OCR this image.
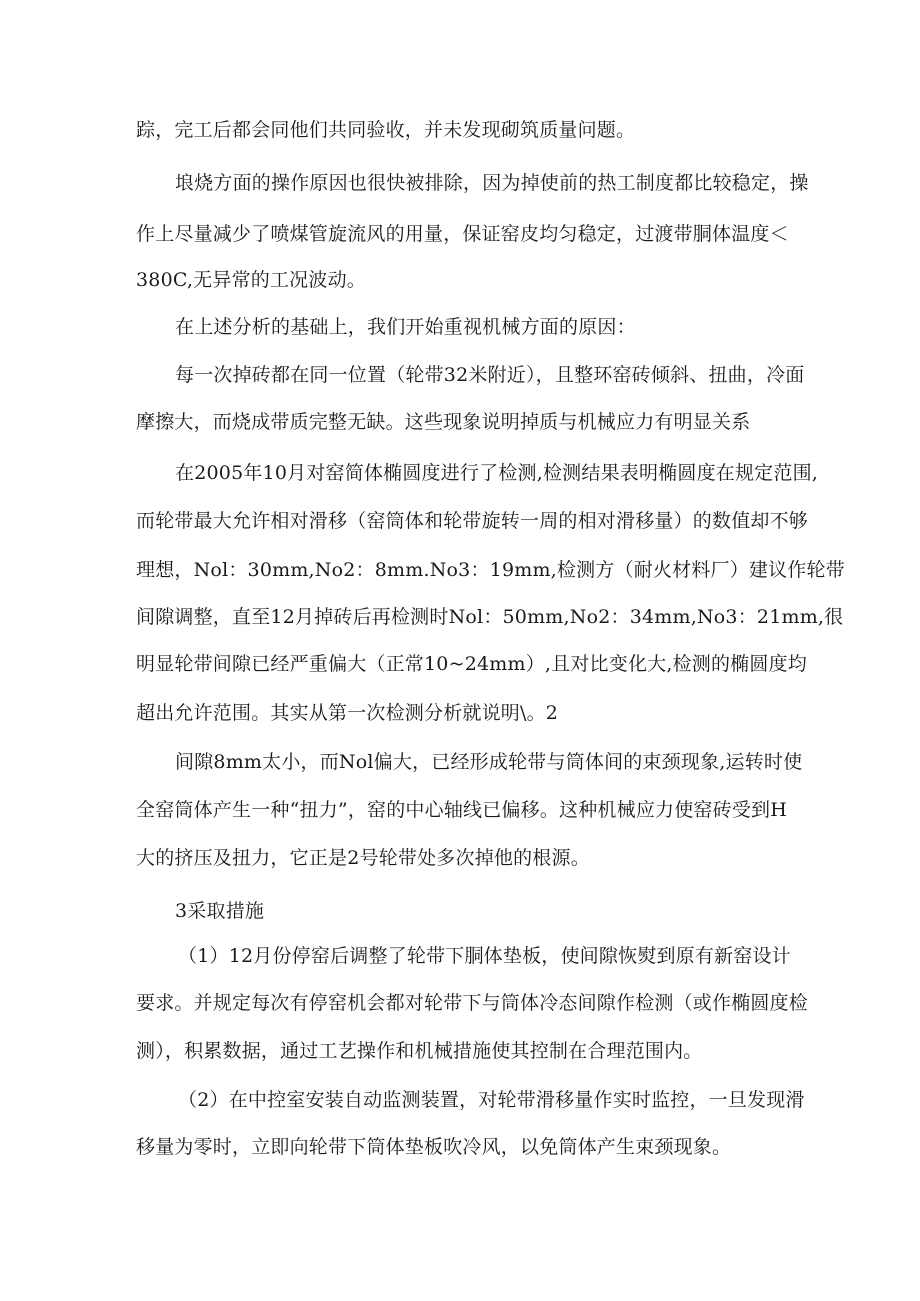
踪，完工后都会同他们共同验收，并未发现砌筑质量问题。
埌烧方面的操作原因也很快被排除，因为掉使前的热工制度都比较稳定，操
作上尽量减少了喷煤管旋流风的用量，保证窑皮均匀稳定，过渡带胴体温度＜
380C,无异常的工况波动。
在上述分析的基础上，我们开始重视机械方面的原因：
每一次掉砖都在同一位置（轮带32米附近），且整环窑砖倾斜、扭曲，冷面
摩擦大，而烧成带质完整无缺。这些现象说明掉质与机械应力有明显关系
在2005年10月对窑简体椭圆度进行了检测,检测结果表明椭圆度在规定范围,
而轮带最大允许相对滑移（窑筒体和轮带旋转一周的相对滑移量）的数值却不够
理想，Nol：30mm,No2：8mm.No3：19mm,检测方（耐火材料厂）建议作轮带
间隙调整，直至12月掉砖后再检测时Nol：50mm,No2：34mm,No3：21mm,很
明显轮带间隙已经严重偏大（正常10~24mm）,且对比变化大,检测的椭圆度均
超出允许范围。其实从第一次检测分析就说明\。2
间隙8mm太小，而Nol偏大，已经形成轮带与筒体间的束颈现象,运转时使
全窑筒体产生一种“扭力”，窑的中心轴线已偏移。这种机械应力使窑砖受到H
大的挤压及扭力，它正是2号轮带处多次掉他的根源。
3采取措施
（1）12月份停窑后调整了轮带下胴体垫板，使间隙恢熨到原有新窑设计
要求。并规定每次有停窑机会都对轮带下与筒体冷态间隙作检测（或作椭圆度检
测），积累数据，通过工艺操作和机械措施使其控制在合理范围内。
（2）在中控室安装自动监测装置，对轮带滑移量作实时监控，一旦发现滑
移量为零时，立即向轮带下筒体垫板吹冷风，以免筒体产生束颈现象。
